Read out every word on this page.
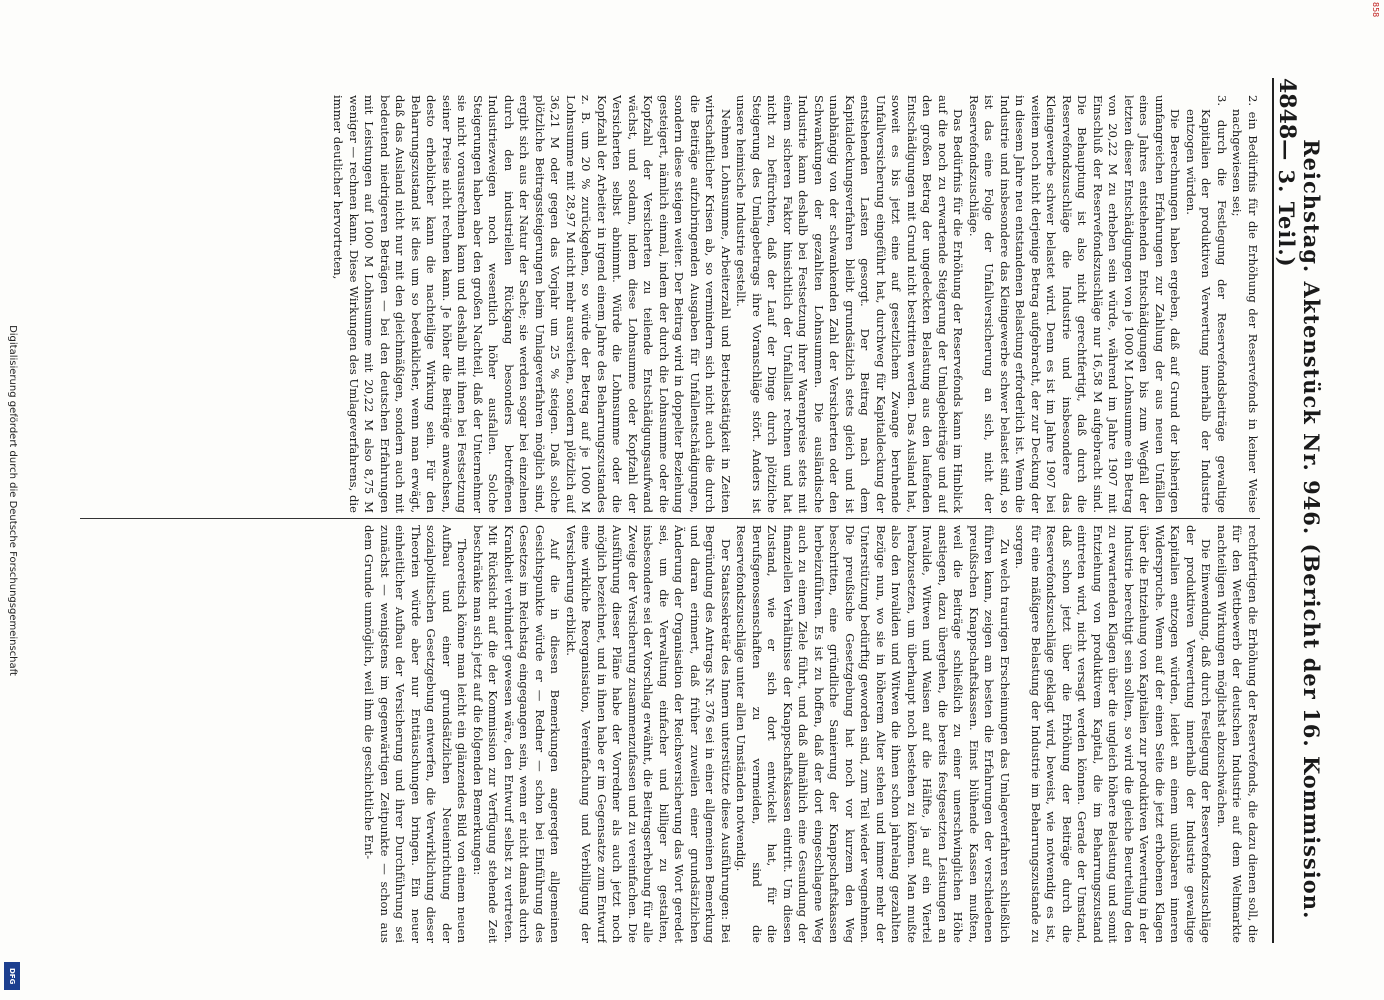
4848
Reichstag. Aktenstück Nr. 946. (Bericht der 16. Kommission. — 3. Teil.)

2. ein Bedürfnis für die Erhöhung der Reservefonds in keiner Weise nachgewiesen sei;

3. durch die Festlegung der Reservefondsbeiträge gewaltige Kapitalien der produktiven Verwertung innerhalb der Industrie entzogen würden.

Die Berechnungen haben ergeben, daß auf Grund der bisherigen umfangreichen Erfahrungen zur Zahlung der aus neuen Unfällen eines Jahres entstehenden Entschädigungen bis zum Wegfall der letzten dieser Entschädigungen von je 1000 M Lohnsumme ein Betrag von 20,22 M zu erheben sein würde, während im Jahre 1907 mit Einschluß der Reservefondszuschläge nur 16,58 M aufgebracht sind. Die Behauptung ist also nicht gerechtfertigt, daß durch die Reservefondszuschläge die Industrie und insbesondere das Kleingewerbe schwer belastet wird. Denn es ist im Jahre 1907 bei weitem noch nicht derjenige Betrag aufgebracht, der zur Deckung der in diesem Jahre neu entstandenen Belastung erforderlich ist. Wenn die Industrie und insbesondere das Kleingewerbe schwer belastet sind, so ist das eine Folge der Unfallversicherung an sich, nicht der Reservefondszuschläge.

Das Bedürfnis für die Erhöhung der Reservefonds kann im Hinblick auf die noch zu erwartende Steigerung der Umlagebeiträge und auf den großen Betrag der ungedeckten Belastung aus den laufenden Entschädigungen mit Grund nicht bestritten werden. Das Ausland hat, soweit es bis jetzt eine auf gesetzlichem Zwange beruhende Unfallversicherung eingeführt hat, durchweg für Kapitaldeckung der entstehenden Lasten gesorgt. Der Beitrag nach dem Kapitaldeckungsverfahren bleibt grundsätzlich stets gleich und ist unabhängig von der schwankenden Zahl der Versicherten oder den Schwankungen der gezahlten Lohnsummen. Die ausländische Industrie kann deshalb bei Festsetzung ihrer Warenpreise stets mit einem sicheren Faktor hinsichtlich der Unfalllast rechnen und hat nicht zu befürchten, daß der Lauf der Dinge durch plötzliche Steigerung des Umlagebetrags ihre Voranschläge stört. Anders ist unsere heimische Industrie gestellt.

Nehmen Lohnsumme, Arbeiterzahl und Betriebstätigkeit in Zeiten wirtschaftlicher Krisen ab, so vermindern sich nicht auch die durch die Beiträge aufzubringenden Ausgaben für Unfallentschädigungen, sondern diese steigen weiter. Der Beitrag wird in doppelter Beziehung gesteigert, nämlich einmal, indem der durch die Lohnsumme oder die Kopfzahl der Versicherten zu teilende Entschädigungsaufwand wächst, und sodann, indem diese Lohnsumme oder Kopfzahl der Versicherten selbst abnimmt. Würde die Lohnsumme oder die Kopfzahl der Arbeiter in irgend einem Jahre des Beharrungszustandes z. B. um 20 % zurückgehen, so würde der Betrag auf je 1000 M Lohnsumme mit 28,97 M nicht mehr ausreichen, sondern plötzlich auf 36,21 M oder gegen das Vorjahr um 25 % steigen. Daß solche plötzliche Beitragssteigerungen beim Umlageverfahren möglich sind, ergibt sich aus der Natur der Sache; sie werden sogar bei einzelnen durch den industriellen Rückgang besonders betroffenen Industriezweigen noch wesentlich höher ausfallen. Solche Steigerungen haben aber den großen Nachteil, daß der Unternehmer sie nicht vorausrechnen kann und deshalb mit ihnen bei Festsetzung seiner Preise nicht rechnen kann. Je höher die Beiträge anwachsen, desto erheblicher kann die nachteilige Wirkung sein. Für den Beharrungszustand ist dies um so bedenklicher, wenn man erwägt, daß das Ausland nicht nur mit den gleichmäßigen, sondern auch mit bedeutend niedrigeren Beträgen — bei den deutschen Erfahrungen mit Leistungen auf 1000 M Lohnsumme mit 20,22 M also 8,75 M weniger — rechnen kann. Diese Wirkungen des Umlageverfahrens, die immer deutlicher hervortreten,

rechtfertigen die Erhöhung der Reservefonds, die dazu dienen soll, die für den Wettbewerb der deutschen Industrie auf dem Weltmarkte nachteiligen Wirkungen möglichst abzuschwächen.

Die Einwendung, daß durch Festlegung der Reservefondszuschläge der produktiven Verwertung innerhalb der Industrie gewaltige Kapitalien entzogen würden, leidet an einem unlösbaren inneren Widerspruche. Wenn auf der einen Seite die jetzt erhobenen Klagen über die Entziehung von Kapitalien zur produktiven Verwertung in der Industrie berechtigt sein sollten, so wird die gleiche Beurteilung den zu erwartenden Klagen über die ungleich höhere Belastung und somit Entziehung von produktivem Kapital, die im Beharrungszustand eintreten wird, nicht versagt werden können. Gerade der Umstand, daß schon jetzt über die Erhöhung der Beiträge durch die Reservefondszuschläge geklagt wird, beweist, wie notwendig es ist, für eine mäßigere Belastung der Industrie im Beharrungszustande zu sorgen.

Zu welch traurigen Erscheinungen das Umlageverfahren schließlich führen kann, zeigen am besten die Erfahrungen der verschiedenen preußischen Knappschaftskassen. Einst blühende Kassen mußten, weil die Beiträge schließlich zu einer unerschwinglichen Höhe anstiegen, dazu übergehen, die bereits festgesetzten Leistungen an Invalide, Witwen und Waisen auf die Hälfte, ja auf ein Viertel herabzusetzen, um überhaupt noch bestehen zu können. Man mußte also den Invaliden und Witwen die ihnen schon jahrelang gezahlten Bezüge nun, wo sie in höherem Alter stehen und immer mehr der Unterstützung bedürftig geworden sind, zum Teil wieder wegnehmen. Die preußische Gesetzgebung hat noch vor kurzem den Weg beschritten, eine gründliche Sanierung der Knappschaftskassen herbeizuführen. Es ist zu hoffen, daß der dort eingeschlagene Weg auch zu einem Ziele führt, und daß allmählich eine Gesundung der finanziellen Verhältnisse der Knappschaftskassen eintritt. Um diesen Zustand, wie er sich dort entwickelt hat, für die Berufsgenossenschaften zu vermeiden, sind die Reservefondszuschläge unter allen Umständen notwendig.

Der Staatssekretär des Innern unterstützte diese Ausführungen: Bei Begründung des Antrags Nr. 376 sei in einer allgemeinen Bemerkung und daran erinnert, daß früher zuweilen einer grundsätzlichen Änderung der Organisation der Reichsversicherung das Wort geredet sei, um die Verwaltung einfacher und billiger zu gestalten, insbesondere sei der Vorschlag erwähnt, die Beitragserhebung für alle Zweige der Versicherung zusammenzufassen und zu vereinfachen. Die Ausführung dieser Pläne habe der Vorredner als auch jetzt noch möglich bezeichnet, und in ihnen habe er im Gegensatze zum Entwurf eine wirkliche Reorganisation, Vereinfachung und Verbilligung der Versicherung erblickt.

Auf die in diesen Bemerkungen angeregten allgemeinen Gesichtspunkte würde er — Redner — schon bei Einführung des Gesetzes im Reichstag eingegangen sein, wenn er nicht damals durch Krankheit verhindert gewesen wäre, den Entwurf selbst zu vertreten. Mit Rücksicht auf die der Kommission zur Verfügung stehende Zeit beschränke man sich jetzt auf die folgenden Bemerkungen:

Theoretisch könne man leicht ein glänzendes Bild von einem neuen Aufbau und einer grundsätzlichen Neueinrichtung der sozialpolitischen Gesetzgebung entwerfen, die Verwirklichung dieser Theorien würde aber nur Enttäuschungen bringen. Ein neuer einheitlicher Aufbau der Versicherung und ihrer Durchführung sei zunächst — wenigstens im gegenwärtigen Zeitpunkte — schon aus dem Grunde unmöglich, weil ihm die geschichtliche Ent-

Digitalisierung gefördert durch die Deutsche Forschungsgemeinschaft
DFG
858
